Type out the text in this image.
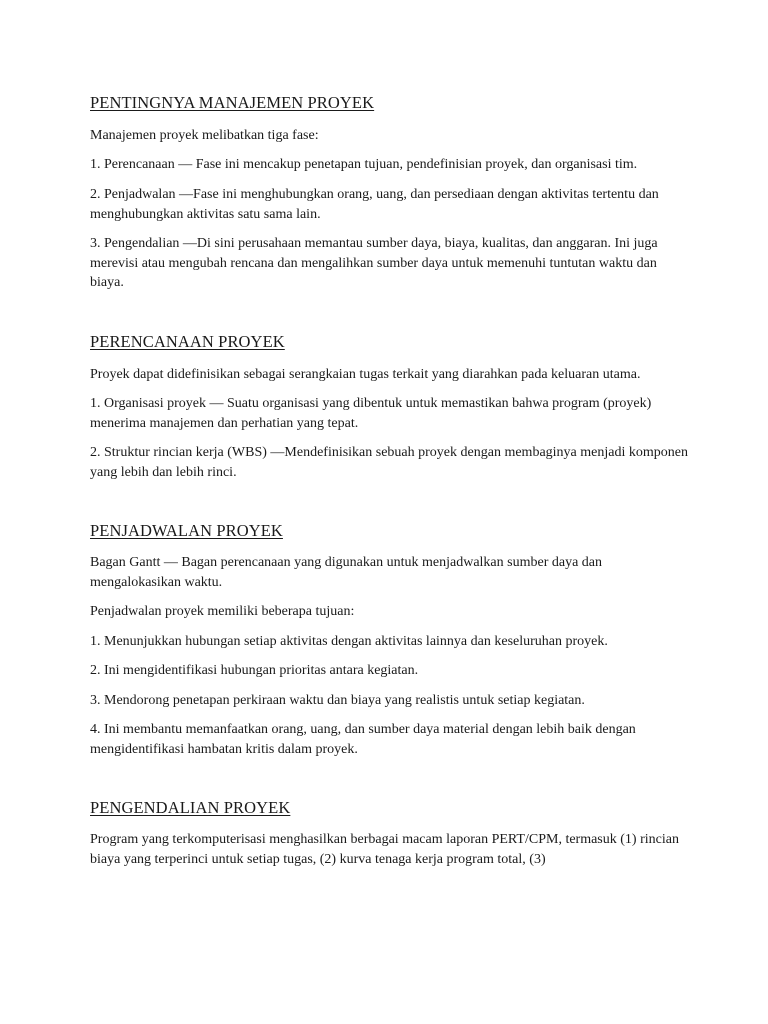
PENTINGNYA MANAJEMEN PROYEK

Manajemen proyek melibatkan tiga fase:

1. Perencanaan — Fase ini mencakup penetapan tujuan, pendefinisian proyek, dan organisasi tim.

2. Penjadwalan —Fase ini menghubungkan orang, uang, dan persediaan dengan aktivitas tertentu dan menghubungkan aktivitas satu sama lain.

3. Pengendalian —Di sini perusahaan memantau sumber daya, biaya, kualitas, dan anggaran. Ini juga merevisi atau mengubah rencana dan mengalihkan sumber daya untuk memenuhi tuntutan waktu dan biaya.

PERENCANAAN PROYEK

Proyek dapat didefinisikan sebagai serangkaian tugas terkait yang diarahkan pada keluaran utama.

1. Organisasi proyek — Suatu organisasi yang dibentuk untuk memastikan bahwa program (proyek) menerima manajemen dan perhatian yang tepat.

2. Struktur rincian kerja (WBS) —Mendefinisikan sebuah proyek dengan membaginya menjadi komponen yang lebih dan lebih rinci.

PENJADWALAN PROYEK

Bagan Gantt — Bagan perencanaan yang digunakan untuk menjadwalkan sumber daya dan mengalokasikan waktu.

Penjadwalan proyek memiliki beberapa tujuan:

1. Menunjukkan hubungan setiap aktivitas dengan aktivitas lainnya dan keseluruhan proyek.

2. Ini mengidentifikasi hubungan prioritas antara kegiatan.

3. Mendorong penetapan perkiraan waktu dan biaya yang realistis untuk setiap kegiatan.

4. Ini membantu memanfaatkan orang, uang, dan sumber daya material dengan lebih baik dengan mengidentifikasi hambatan kritis dalam proyek.

PENGENDALIAN PROYEK

Program yang terkomputerisasi menghasilkan berbagai macam laporan PERT/CPM, termasuk (1) rincian biaya yang terperinci untuk setiap tugas, (2) kurva tenaga kerja program total, (3)
